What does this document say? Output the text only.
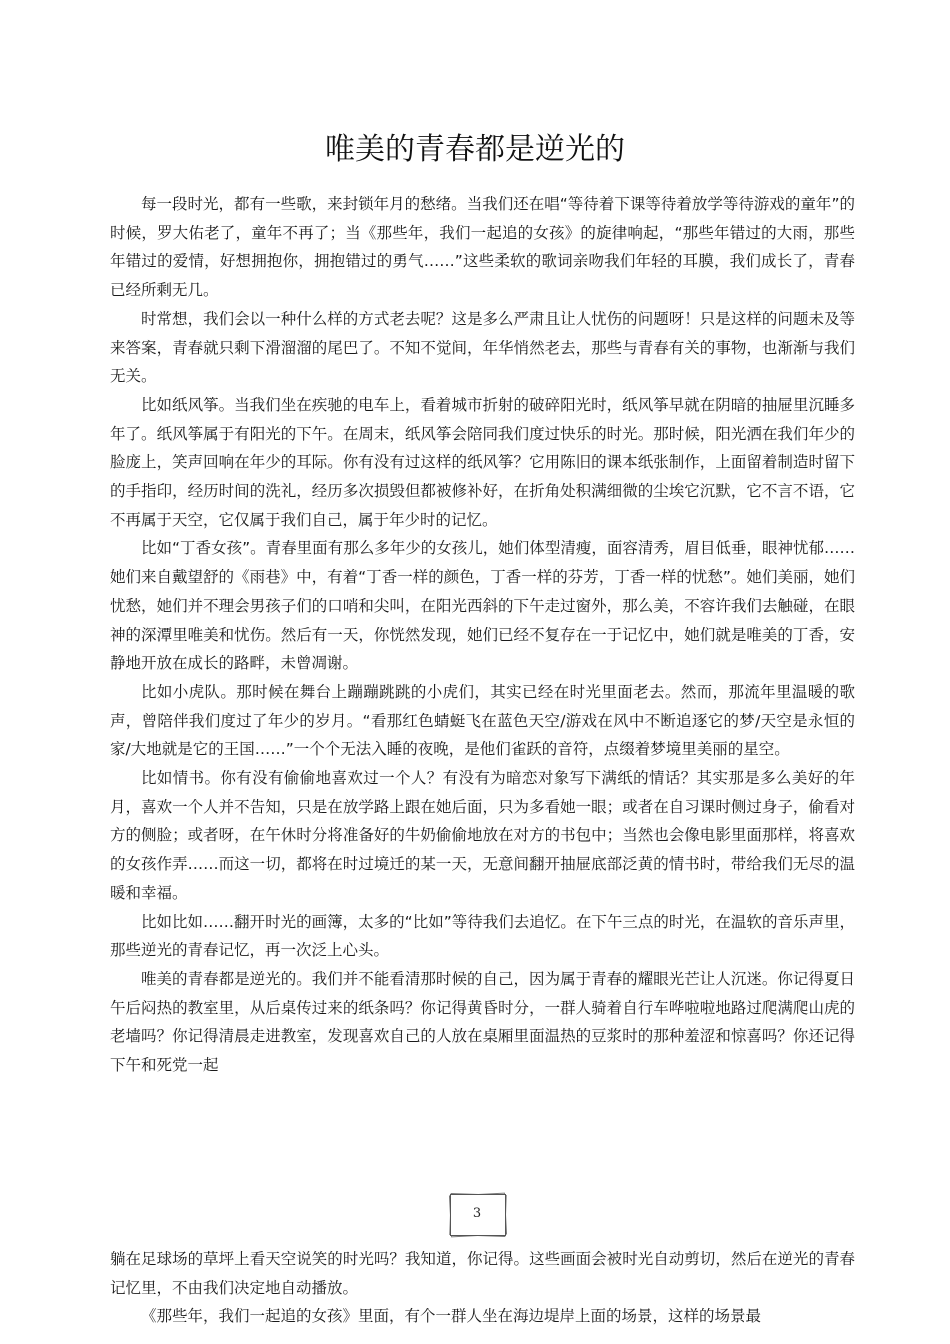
唯美的青春都是逆光的

每一段时光，都有一些歌，来封锁年月的愁绪。当我们还在唱“等待着下课等待着放学等待游戏的童年”的时候，罗大佑老了，童年不再了；当《那些年，我们一起追的女孩》的旋律响起，“那些年错过的大雨，那些年错过的爱情，好想拥抱你，拥抱错过的勇气……”这些柔软的歌词亲吻我们年轻的耳膜，我们成长了，青春已经所剩无几。

时常想，我们会以一种什么样的方式老去呢？这是多么严肃且让人忧伤的问题呀！只是这样的问题未及等来答案，青春就只剩下滑溜溜的尾巴了。不知不觉间，年华悄然老去，那些与青春有关的事物，也渐渐与我们无关。

比如纸风筝。当我们坐在疾驰的电车上，看着城市折射的破碎阳光时，纸风筝早就在阴暗的抽屉里沉睡多年了。纸风筝属于有阳光的下午。在周末，纸风筝会陪同我们度过快乐的时光。那时候，阳光洒在我们年少的脸庞上，笑声回响在年少的耳际。你有没有过这样的纸风筝？它用陈旧的课本纸张制作，上面留着制造时留下的手指印，经历时间的洗礼，经历多次损毁但都被修补好，在折角处积满细微的尘埃它沉默，它不言不语，它不再属于天空，它仅属于我们自己，属于年少时的记忆。

比如“丁香女孩”。青春里面有那么多年少的女孩儿，她们体型清瘦，面容清秀，眉目低垂，眼神忧郁……她们来自戴望舒的《雨巷》中，有着“丁香一样的颜色，丁香一样的芬芳，丁香一样的忧愁”。她们美丽，她们忧愁，她们并不理会男孩子们的口哨和尖叫，在阳光西斜的下午走过窗外，那么美，不容许我们去触碰，在眼神的深潭里唯美和忧伤。然后有一天，你恍然发现，她们已经不复存在一于记忆中，她们就是唯美的丁香，安静地开放在成长的路畔，未曾凋谢。

比如小虎队。那时候在舞台上蹦蹦跳跳的小虎们，其实已经在时光里面老去。然而，那流年里温暖的歌声，曾陪伴我们度过了年少的岁月。“看那红色蜻蜓飞在蓝色天空/游戏在风中不断追逐它的梦/天空是永恒的家/大地就是它的王国……”一个个无法入睡的夜晚，是他们雀跃的音符，点缀着梦境里美丽的星空。

比如情书。你有没有偷偷地喜欢过一个人？有没有为暗恋对象写下满纸的情话？其实那是多么美好的年月，喜欢一个人并不告知，只是在放学路上跟在她后面，只为多看她一眼；或者在自习课时侧过身子，偷看对方的侧脸；或者呀，在午休时分将准备好的牛奶偷偷地放在对方的书包中；当然也会像电影里面那样，将喜欢的女孩作弄……而这一切，都将在时过境迁的某一天，无意间翻开抽屉底部泛黄的情书时，带给我们无尽的温暖和幸福。

比如比如……翻开时光的画簿，太多的“比如”等待我们去追忆。在下午三点的时光，在温软的音乐声里，那些逆光的青春记忆，再一次泛上心头。

唯美的青春都是逆光的。我们并不能看清那时候的自己，因为属于青春的耀眼光芒让人沉迷。你记得夏日午后闷热的教室里，从后桌传过来的纸条吗？你记得黄昏时分，一群人骑着自行车哗啦啦地路过爬满爬山虎的老墙吗？你记得清晨走进教室，发现喜欢自己的人放在桌厢里面温热的豆浆时的那种羞涩和惊喜吗？你还记得下午和死党一起

3

躺在足球场的草坪上看天空说笑的时光吗？我知道，你记得。这些画面会被时光自动剪切，然后在逆光的青春记忆里，不由我们决定地自动播放。

《那些年，我们一起追的女孩》里面，有个一群人坐在海边堤岸上面的场景，这样的场景最
